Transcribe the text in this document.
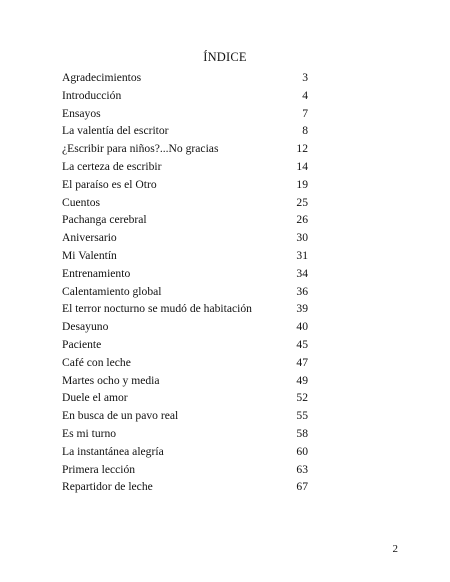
ÍNDICE
Agradecimientos	3
Introducción	4
Ensayos	7
La valentía del escritor	8
¿Escribir para niños?...No gracias	12
La certeza de escribir	14
El paraíso es el Otro	19
Cuentos	25
Pachanga cerebral	26
Aniversario	30
Mi Valentín	31
Entrenamiento	34
Calentamiento global	36
El terror nocturno se mudó de habitación	39
Desayuno	40
Paciente	45
Café con leche	47
Martes ocho y media	49
Duele el amor	52
En busca de un pavo real	55
Es mi turno	58
La instantánea alegría	60
Primera lección	63
Repartidor de leche	67
2
